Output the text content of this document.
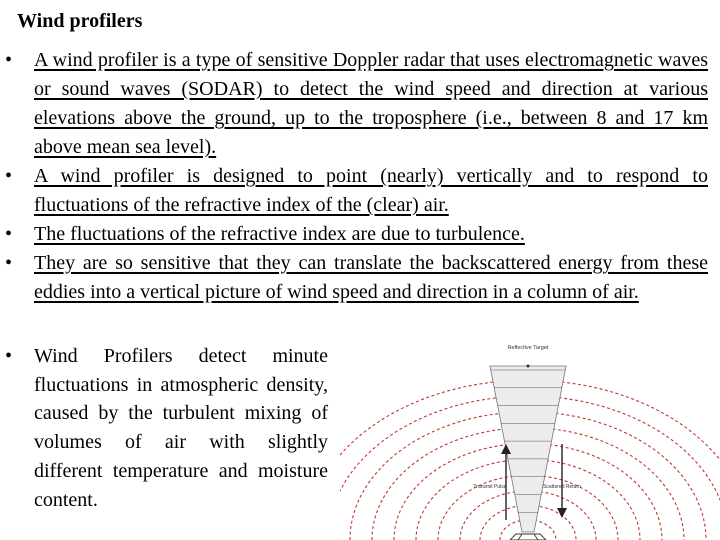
Wind profilers
• A wind profiler is a type of sensitive Doppler radar that uses electromagnetic waves or sound waves (SODAR) to detect the wind speed and direction at various elevations above the ground, up to the troposphere (i.e., between 8 and 17 km above mean sea level).
• A wind profiler is designed to point (nearly) vertically and to respond to fluctuations of the refractive index of the (clear) air.
• The fluctuations of the refractive index are due to turbulence.
• They are so sensitive that they can translate the backscattered energy from these eddies into a vertical picture of wind speed and direction in a column of air.
• Wind Profilers detect minute fluctuations in atmospheric density, caused by the turbulent mixing of volumes of air with slightly different temperature and moisture content.
Reflective Target
Transmit Pulse	Scattered Return
